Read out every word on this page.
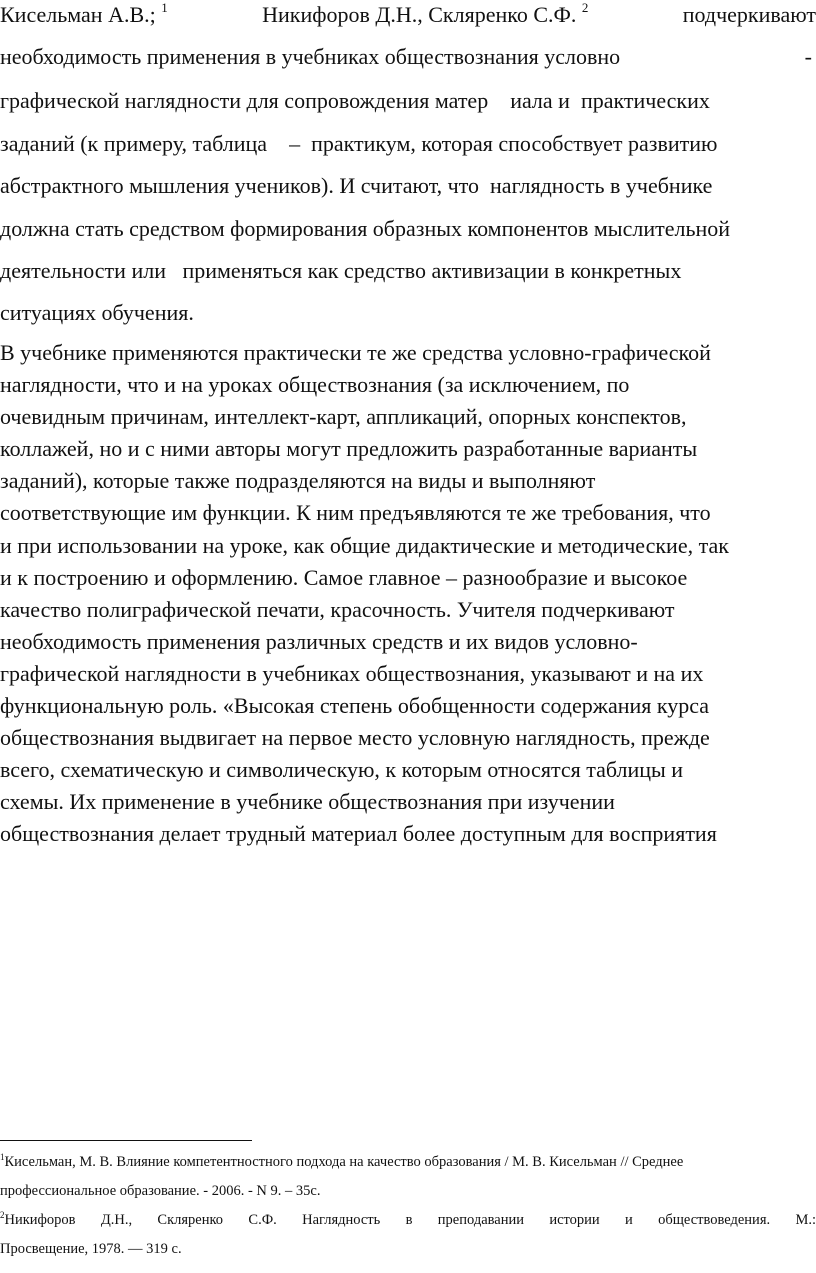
Кисельман А.В.; $^1$	Никифоров Д.Н., Скляренко С.Ф. $^2$	подчеркивают
необходимость применения в учебниках обществознания условно	-
графической наглядности для сопровождения матер    иала и  практических
заданий (к примеру, таблица    –  практикум, которая способствует развитию
абстрактного мышления учеников). И считают, что  наглядность в учебнике
должна стать средством формирования образных компонентов мыслительной
деятельности или   применяться как средство активизации в конкретных
ситуациях обучения.
В учебнике применяются практически те же средства условно-графической
наглядности, что и на уроках обществознания (за исключением, по
очевидным причинам, интеллект-карт, аппликаций, опорных конспектов,
коллажей, но и с ними авторы могут предложить разработанные варианты
заданий), которые также подразделяются на виды и выполняют
соответствующие им функции. К ним предъявляются те же требования, что
и при использовании на уроке, как общие дидактические и методические, так
и к построению и оформлению. Самое главное – разнообразие и высокое
качество полиграфической печати, красочность. Учителя подчеркивают
необходимость применения различных средств и их видов условно-
графической наглядности в учебниках обществознания, указывают и на их
функциональную роль. «Высокая степень обобщенности содержания курса
обществознания выдвигает на первое место условную наглядность, прежде
всего, схематическую и символическую, к которым относятся таблицы и
схемы. Их применение в учебнике обществознания при изучении
обществознания делает трудный материал более доступным для восприятия
$^1$Кисельман, М. В. Влияние компетентностного подхода на качество образования / М. В. Кисельман // Среднее
профессиональное образование. - 2006. - N 9. – 35с.
$^2$Никифоров Д.Н., Скляренко С.Ф. Наглядность в преподавании истории и обществоведения. М.:
Просвещение, 1978. — 319 с.
